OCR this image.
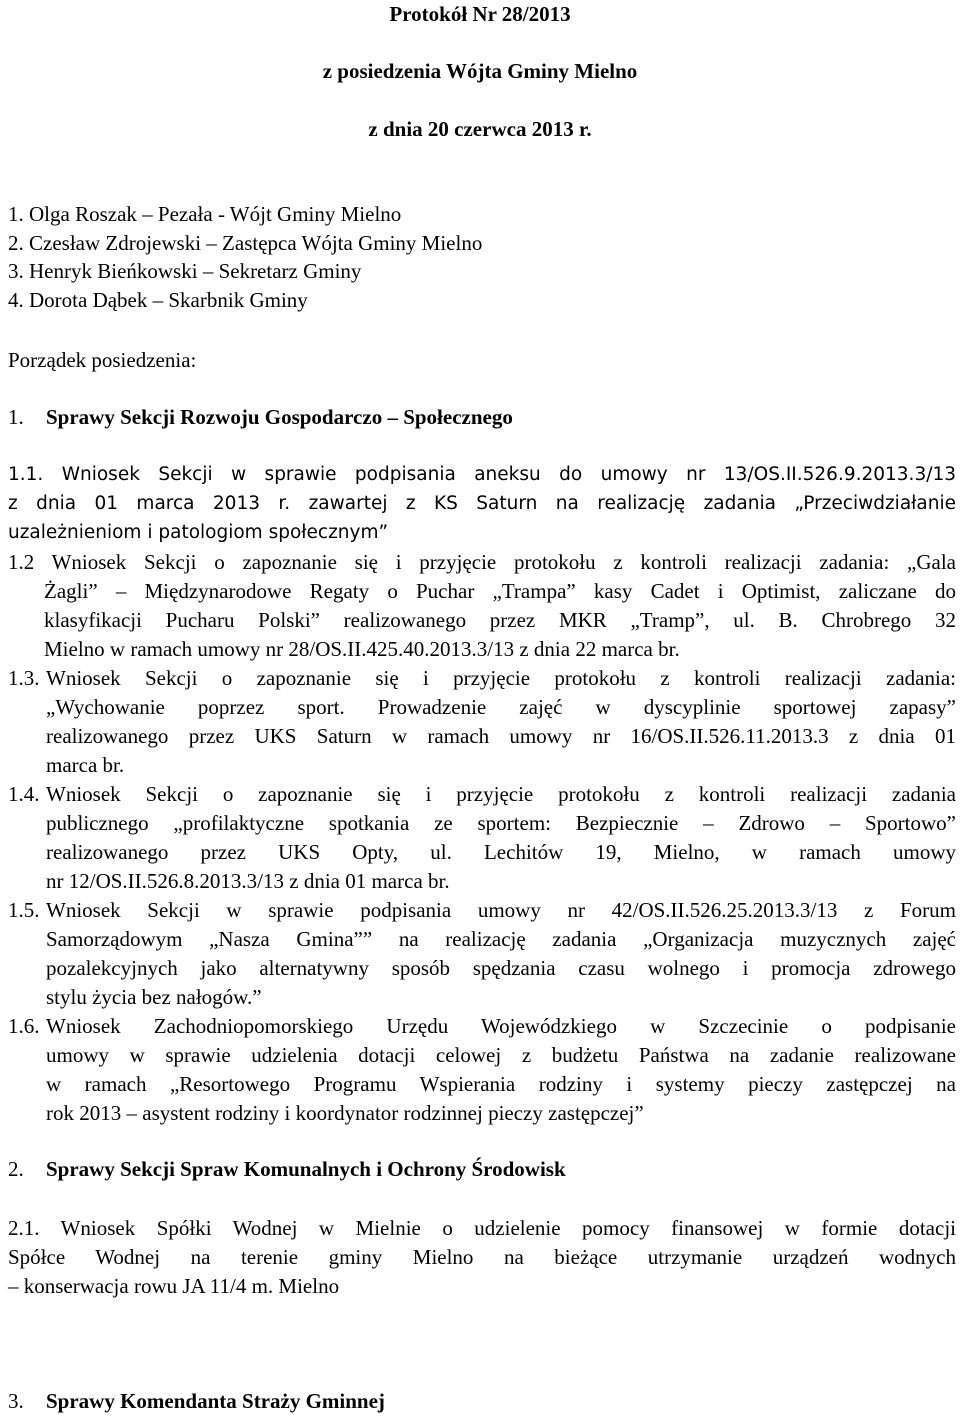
Protokół Nr 28/2013
z posiedzenia Wójta Gminy Mielno
z dnia 20 czerwca 2013 r.
1. Olga Roszak – Pezała - Wójt Gminy Mielno
2. Czesław Zdrojewski – Zastępca Wójta Gminy Mielno
3. Henryk Bieńkowski – Sekretarz Gminy
4. Dorota Dąbek – Skarbnik Gminy
Porządek posiedzenia:
1. Sprawy Sekcji Rozwoju Gospodarczo – Społecznego
1.1. Wniosek Sekcji w sprawie podpisania aneksu do umowy nr 13/OS.II.526.9.2013.3/13
z dnia 01 marca 2013 r. zawartej z KS Saturn na realizację zadania „Przeciwdziałanie
uzależnieniom i patologiom społecznym”
1.2 Wniosek Sekcji o zapoznanie się i przyjęcie protokołu z kontroli realizacji zadania: „Gala
Żagli” – Międzynarodowe Regaty o Puchar „Trampa” kasy Cadet i Optimist, zaliczane do
klasyfikacji Pucharu Polski” realizowanego przez MKR „Tramp”, ul. B. Chrobrego 32
Mielno w ramach umowy nr 28/OS.II.425.40.2013.3/13 z dnia 22 marca br.
1.3. Wniosek Sekcji o zapoznanie się i przyjęcie protokołu z kontroli realizacji zadania:
„Wychowanie poprzez sport. Prowadzenie zajęć w dyscyplinie sportowej zapasy”
realizowanego przez UKS Saturn w ramach umowy nr 16/OS.II.526.11.2013.3 z dnia 01
marca br.
1.4. Wniosek Sekcji o zapoznanie się i przyjęcie protokołu z kontroli realizacji zadania
publicznego „profilaktyczne spotkania ze sportem: Bezpiecznie – Zdrowo – Sportowo”
realizowanego przez UKS Opty, ul. Lechitów 19, Mielno, w ramach umowy
nr 12/OS.II.526.8.2013.3/13 z dnia 01 marca br.
1.5. Wniosek Sekcji w sprawie podpisania umowy nr 42/OS.II.526.25.2013.3/13 z Forum
Samorządowym „Nasza Gmina”” na realizację zadania „Organizacja muzycznych zajęć
pozalekcyjnych jako alternatywny sposób spędzania czasu wolnego i promocja zdrowego
stylu życia bez nałogów.”
1.6. Wniosek Zachodniopomorskiego Urzędu Wojewódzkiego w Szczecinie o podpisanie
umowy w sprawie udzielenia dotacji celowej z budżetu Państwa na zadanie realizowane
w ramach „Resortowego Programu Wspierania rodziny i systemy pieczy zastępczej na
rok 2013 – asystent rodziny i koordynator rodzinnej pieczy zastępczej”
2. Sprawy Sekcji Spraw Komunalnych i Ochrony Środowisk
2.1. Wniosek Spółki Wodnej w Mielnie o udzielenie pomocy finansowej w formie dotacji
Spółce Wodnej na terenie gminy Mielno na bieżące utrzymanie urządzeń wodnych
– konserwacja rowu JA 11/4 m. Mielno
3. Sprawy Komendanta Straży Gminnej
